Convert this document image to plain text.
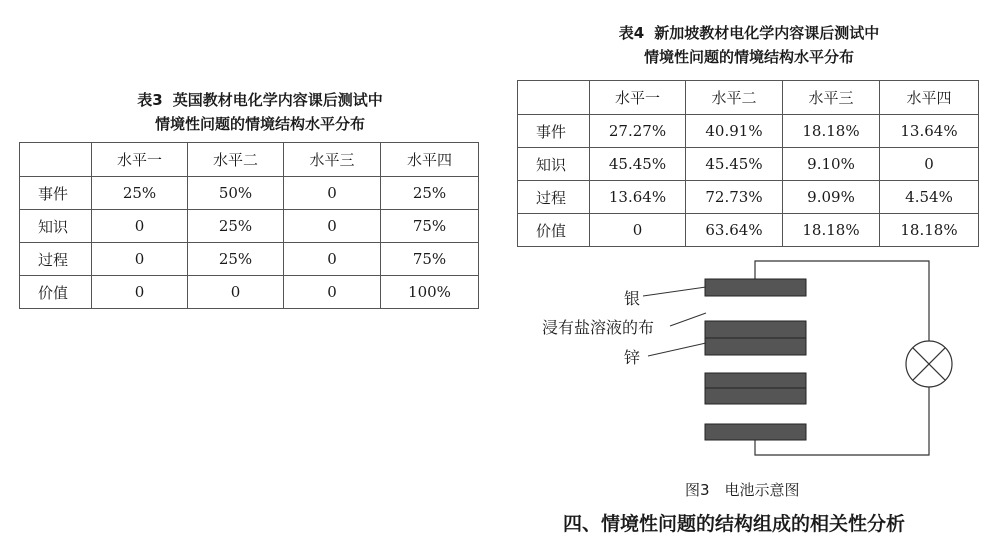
表3 英国教材电化学内容课后测试中
情境性问题的情境结构水平分布
	水平一	水平二	水平三	水平四
事件	25%	50%	0	25%
知识	0	25%	0	75%
过程	0	25%	0	75%
价值	0	0	0	100%
表4 新加坡教材电化学内容课后测试中
情境性问题的情境结构水平分布
	水平一	水平二	水平三	水平四
事件	27.27%	40.91%	18.18%	13.64%
知识	45.45%	45.45%	9.10%	0
过程	13.64%	72.73%	9.09%	4.54%
价值	0	63.64%	18.18%	18.18%
银
浸有盐溶液的布
锌
图3　电池示意图
四、情境性问题的结构组成的相关性分析
